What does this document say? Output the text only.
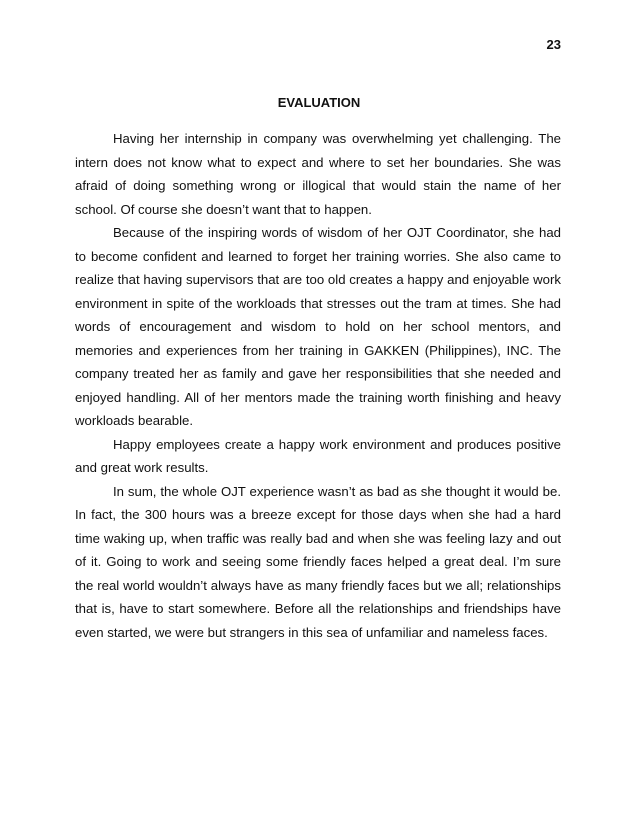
23
EVALUATION

Having her internship in company was overwhelming yet challenging. The intern does not know what to expect and where to set her boundaries. She was afraid of doing something wrong or illogical that would stain the name of her school. Of course she doesn’t want that to happen.

Because of the inspiring words of wisdom of her OJT Coordinator, she had to become confident and learned to forget her training worries. She also came to realize that having supervisors that are too old creates a happy and enjoyable work environment in spite of the workloads that stresses out the tram at times. She had words of encouragement and wisdom to hold on her school mentors, and memories and experiences from her training in GAKKEN (Philippines), INC. The company treated her as family and gave her responsibilities that she needed and enjoyed handling. All of her mentors made the training worth finishing and heavy workloads bearable.

Happy employees create a happy work environment and produces positive and great work results.

In sum, the whole OJT experience wasn’t as bad as she thought it would be. In fact, the 300 hours was a breeze except for those days when she had a hard time waking up, when traffic was really bad and when she was feeling lazy and out of it. Going to work and seeing some friendly faces helped a great deal. I’m sure the real world wouldn’t always have as many friendly faces but we all; relationships that is, have to start somewhere. Before all the relationships and friendships have even started, we were but strangers in this sea of unfamiliar and nameless faces.
